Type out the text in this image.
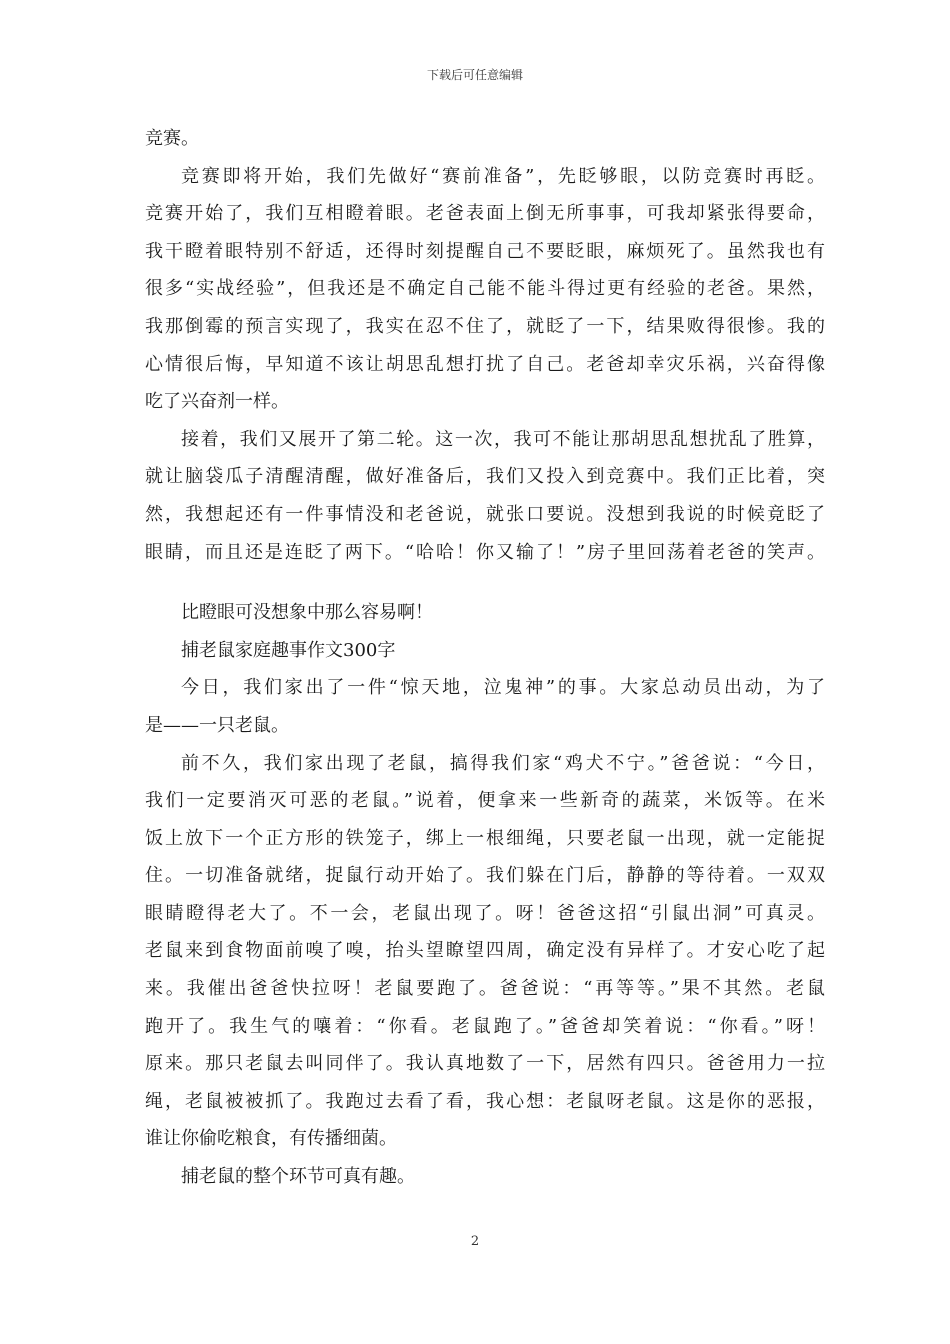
下载后可任意编辑
竞赛。
竞赛即将开始，我们先做好“赛前准备”，先眨够眼，以防竞赛时再眨。
竞赛开始了，我们互相瞪着眼。老爸表面上倒无所事事，可我却紧张得要命，
我干瞪着眼特别不舒适，还得时刻提醒自己不要眨眼，麻烦死了。虽然我也有
很多“实战经验”，但我还是不确定自己能不能斗得过更有经验的老爸。果然，
我那倒霉的预言实现了，我实在忍不住了，就眨了一下，结果败得很惨。我的
心情很后悔，早知道不该让胡思乱想打扰了自己。老爸却幸灾乐祸，兴奋得像
吃了兴奋剂一样。
接着，我们又展开了第二轮。这一次，我可不能让那胡思乱想扰乱了胜算，
就让脑袋瓜子清醒清醒，做好准备后，我们又投入到竞赛中。我们正比着，突
然，我想起还有一件事情没和老爸说，就张口要说。没想到我说的时候竟眨了
眼睛，而且还是连眨了两下。“哈哈！你又输了！”房子里回荡着老爸的笑声。
比瞪眼可没想象中那么容易啊！
捕老鼠家庭趣事作文300字
今日，我们家出了一件“惊天地，泣鬼神”的事。大家总动员出动，为了
是——一只老鼠。
前不久，我们家出现了老鼠，搞得我们家“鸡犬不宁。”爸爸说：“今日，
我们一定要消灭可恶的老鼠。”说着，便拿来一些新奇的蔬菜，米饭等。在米
饭上放下一个正方形的铁笼子，绑上一根细绳，只要老鼠一出现，就一定能捉
住。一切准备就绪，捉鼠行动开始了。我们躲在门后，静静的等待着。一双双
眼睛瞪得老大了。不一会，老鼠出现了。呀！爸爸这招“引鼠出洞”可真灵。
老鼠来到食物面前嗅了嗅，抬头望瞭望四周，确定没有异样了。才安心吃了起
来。我催出爸爸快拉呀！老鼠要跑了。爸爸说：“再等等。”果不其然。老鼠
跑开了。我生气的嚷着：“你看。老鼠跑了。”爸爸却笑着说：“你看。”呀！
原来。那只老鼠去叫同伴了。我认真地数了一下，居然有四只。爸爸用力一拉
绳，老鼠被被抓了。我跑过去看了看，我心想：老鼠呀老鼠。这是你的恶报，
谁让你偷吃粮食，有传播细菌。
捕老鼠的整个环节可真有趣。
2
